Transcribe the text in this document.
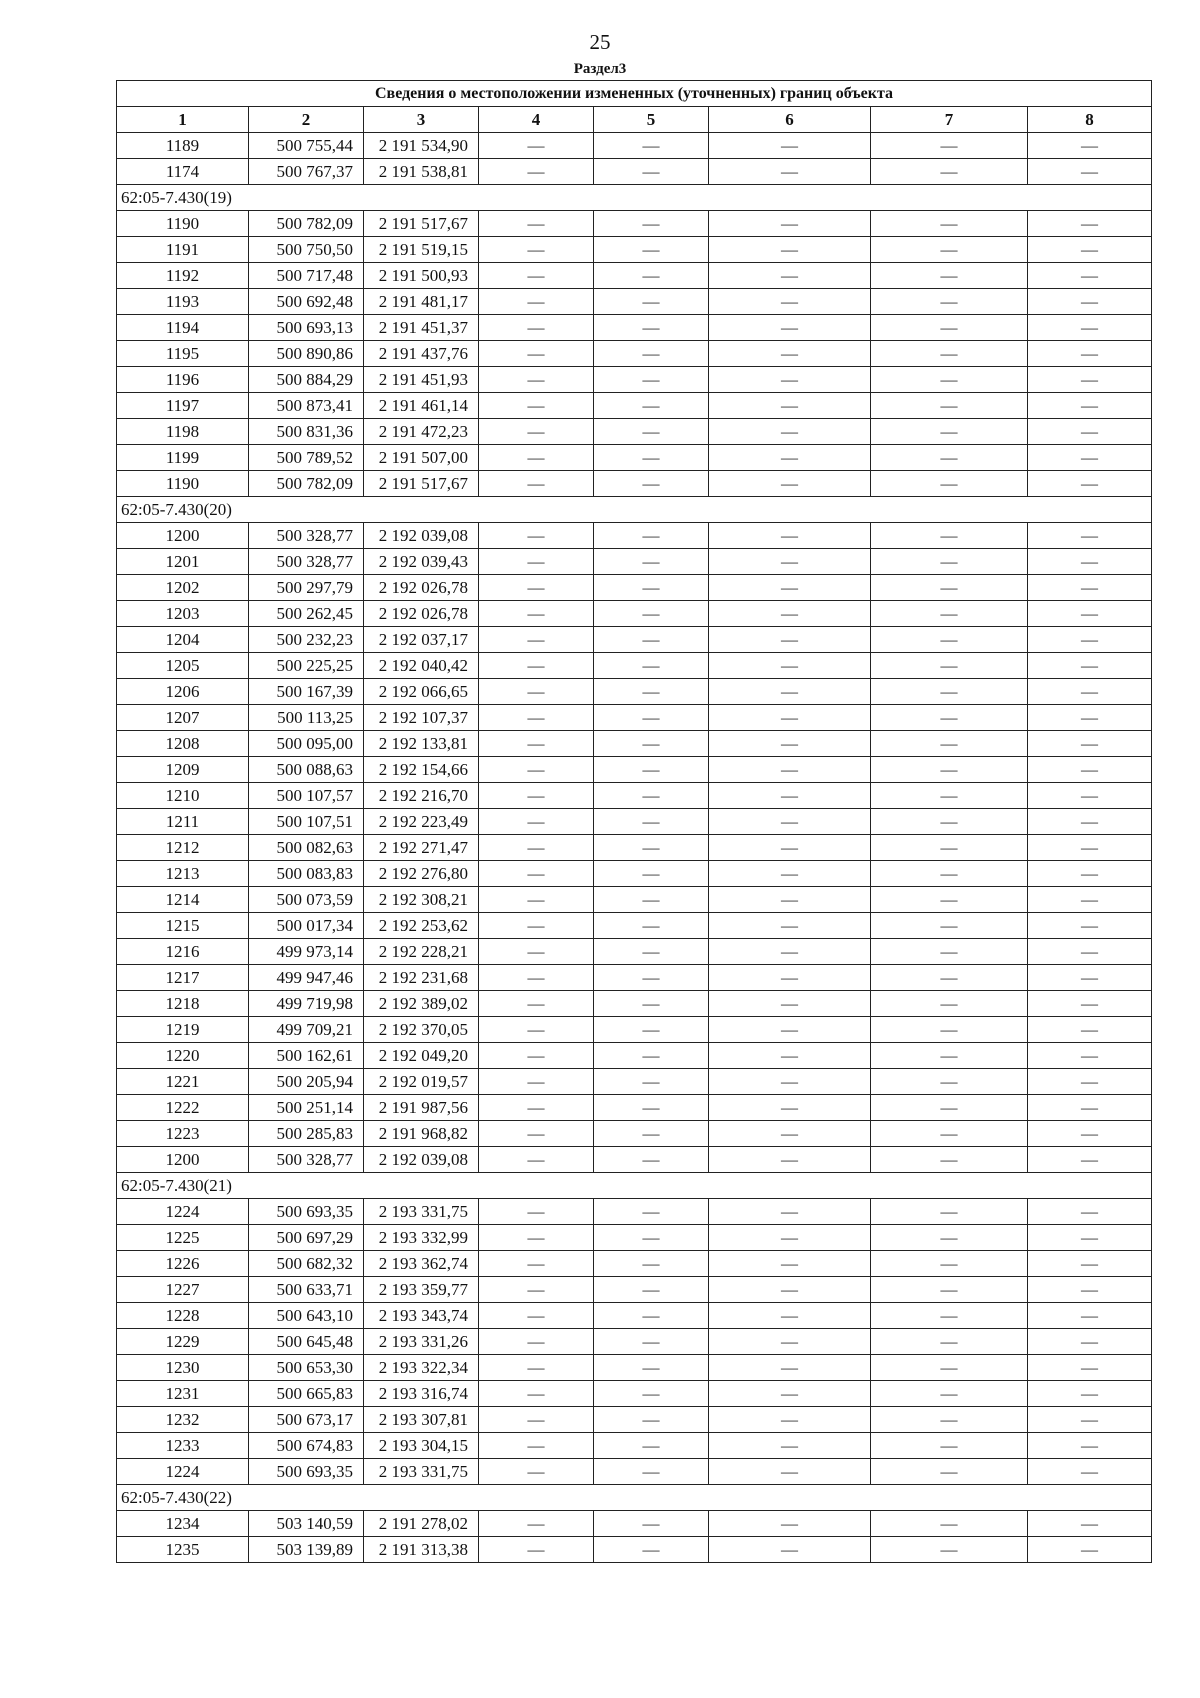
25
Раздел3
Сведения о местоположении измененных (уточненных) границ объекта							
1	2	3	4	5	6	7	8
1189	500 755,44	2 191 534,90	—	—	—	—	—
1174	500 767,37	2 191 538,81	—	—	—	—	—
62:05-7.430(19)							
1190	500 782,09	2 191 517,67	—	—	—	—	—
1191	500 750,50	2 191 519,15	—	—	—	—	—
1192	500 717,48	2 191 500,93	—	—	—	—	—
1193	500 692,48	2 191 481,17	—	—	—	—	—
1194	500 693,13	2 191 451,37	—	—	—	—	—
1195	500 890,86	2 191 437,76	—	—	—	—	—
1196	500 884,29	2 191 451,93	—	—	—	—	—
1197	500 873,41	2 191 461,14	—	—	—	—	—
1198	500 831,36	2 191 472,23	—	—	—	—	—
1199	500 789,52	2 191 507,00	—	—	—	—	—
1190	500 782,09	2 191 517,67	—	—	—	—	—
62:05-7.430(20)							
1200	500 328,77	2 192 039,08	—	—	—	—	—
1201	500 328,77	2 192 039,43	—	—	—	—	—
1202	500 297,79	2 192 026,78	—	—	—	—	—
1203	500 262,45	2 192 026,78	—	—	—	—	—
1204	500 232,23	2 192 037,17	—	—	—	—	—
1205	500 225,25	2 192 040,42	—	—	—	—	—
1206	500 167,39	2 192 066,65	—	—	—	—	—
1207	500 113,25	2 192 107,37	—	—	—	—	—
1208	500 095,00	2 192 133,81	—	—	—	—	—
1209	500 088,63	2 192 154,66	—	—	—	—	—
1210	500 107,57	2 192 216,70	—	—	—	—	—
1211	500 107,51	2 192 223,49	—	—	—	—	—
1212	500 082,63	2 192 271,47	—	—	—	—	—
1213	500 083,83	2 192 276,80	—	—	—	—	—
1214	500 073,59	2 192 308,21	—	—	—	—	—
1215	500 017,34	2 192 253,62	—	—	—	—	—
1216	499 973,14	2 192 228,21	—	—	—	—	—
1217	499 947,46	2 192 231,68	—	—	—	—	—
1218	499 719,98	2 192 389,02	—	—	—	—	—
1219	499 709,21	2 192 370,05	—	—	—	—	—
1220	500 162,61	2 192 049,20	—	—	—	—	—
1221	500 205,94	2 192 019,57	—	—	—	—	—
1222	500 251,14	2 191 987,56	—	—	—	—	—
1223	500 285,83	2 191 968,82	—	—	—	—	—
1200	500 328,77	2 192 039,08	—	—	—	—	—
62:05-7.430(21)							
1224	500 693,35	2 193 331,75	—	—	—	—	—
1225	500 697,29	2 193 332,99	—	—	—	—	—
1226	500 682,32	2 193 362,74	—	—	—	—	—
1227	500 633,71	2 193 359,77	—	—	—	—	—
1228	500 643,10	2 193 343,74	—	—	—	—	—
1229	500 645,48	2 193 331,26	—	—	—	—	—
1230	500 653,30	2 193 322,34	—	—	—	—	—
1231	500 665,83	2 193 316,74	—	—	—	—	—
1232	500 673,17	2 193 307,81	—	—	—	—	—
1233	500 674,83	2 193 304,15	—	—	—	—	—
1224	500 693,35	2 193 331,75	—	—	—	—	—
62:05-7.430(22)							
1234	503 140,59	2 191 278,02	—	—	—	—	—
1235	503 139,89	2 191 313,38	—	—	—	—	—
